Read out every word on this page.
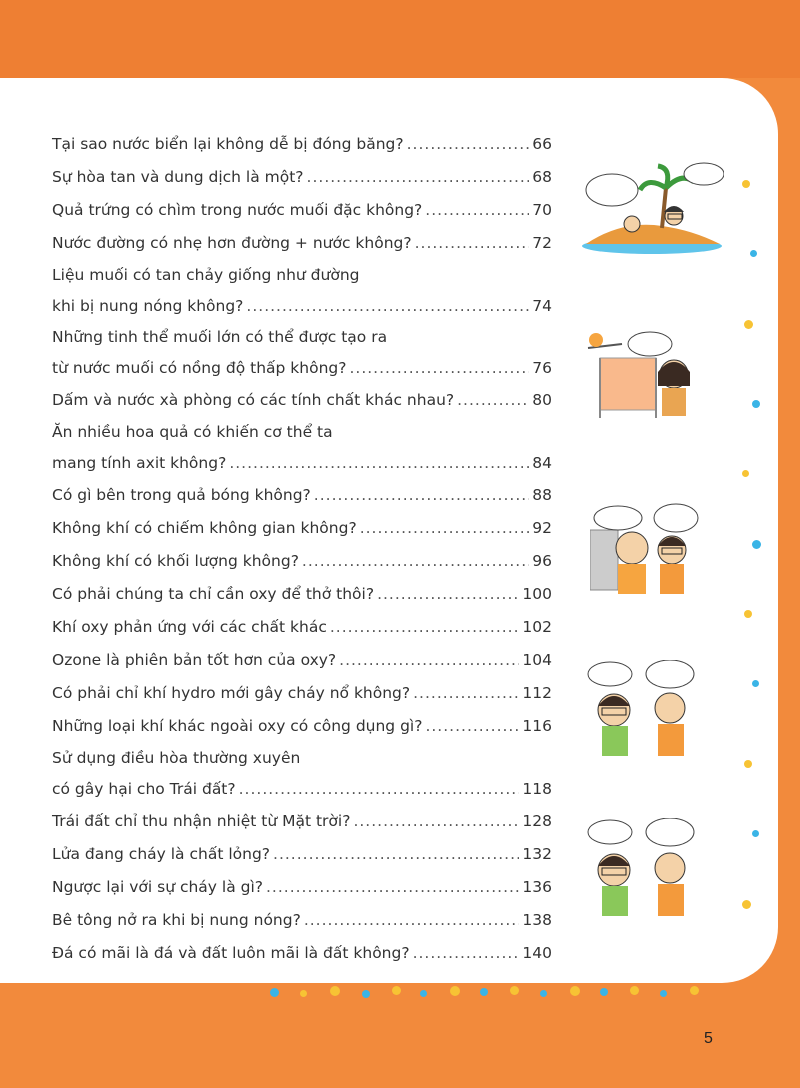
Tại sao nước biển lại không dễ bị đóng băng? .....	66
Sự hòa tan và dung dịch là một? .....	68
Quả trứng có chìm trong nước muối đặc không? .....	70
Nước đường có nhẹ hơn đường + nước không? .....	72
Liệu muối có tan chảy giống như đường
khi bị nung nóng không? .....	74
Những tinh thể muối lớn có thể được tạo ra
từ nước muối có nồng độ thấp không? .....	76
Dấm và nước xà phòng có các tính chất khác nhau? .....	80
Ăn nhiều hoa quả có khiến cơ thể ta
mang tính axit không? .....	84
Có gì bên trong quả bóng không? .....	88
Không khí có chiếm không gian không? .....	92
Không khí có khối lượng không? .....	96
Có phải chúng ta chỉ cần oxy để thở thôi? .....	100
Khí oxy phản ứng với các chất khác .....	102
Ozone là phiên bản tốt hơn của oxy? .....	104
Có phải chỉ khí hydro mới gây cháy nổ không? .....	112
Những loại khí khác ngoài oxy có công dụng gì? .....	116
Sử dụng điều hòa thường xuyên
có gây hại cho Trái đất? .....	118
Trái đất chỉ thu nhận nhiệt từ Mặt trời? .....	128
Lửa đang cháy là chất lỏng? .....	132
Ngược lại với sự cháy là gì? .....	136
Bê tông nở ra khi bị nung nóng? .....	138
Đá có mãi là đá và đất luôn mãi là đất không? .....	140
5
